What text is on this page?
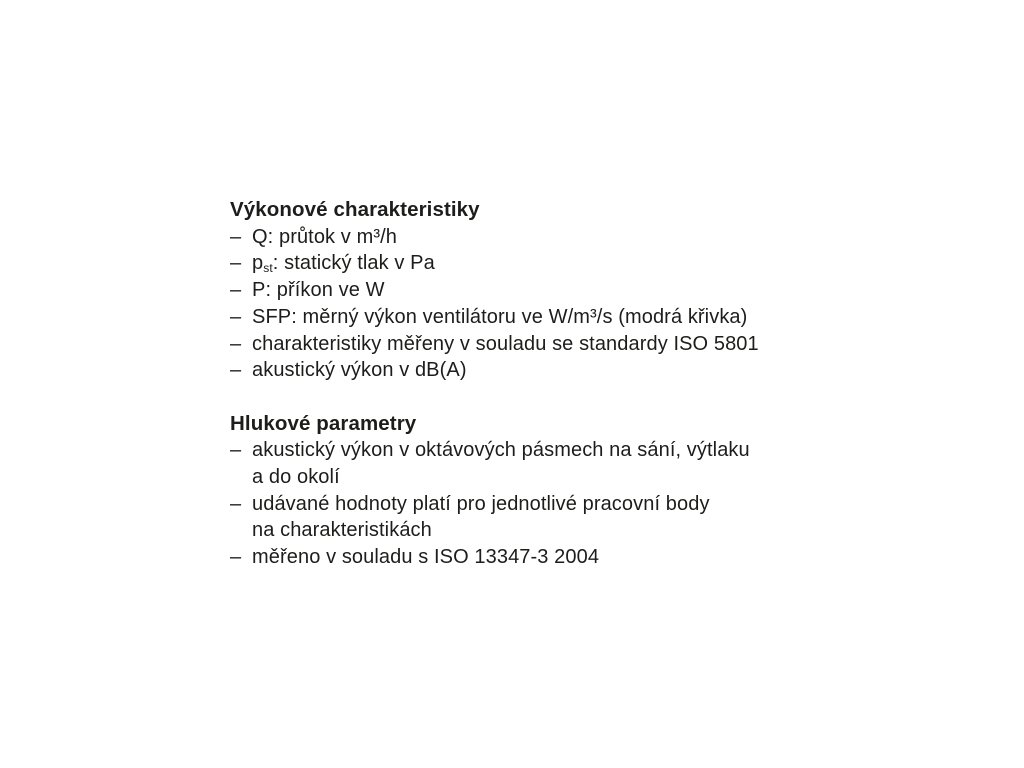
Výkonové charakteristiky
– Q: průtok v m³/h
– $p_{st}$: statický tlak v Pa
– P: příkon ve W
– SFP: měrný výkon ventilátoru ve W/m³/s (modrá křivka)
– charakteristiky měřeny v souladu se standardy ISO 5801
– akustický výkon v dB(A)
Hlukové parametry
– akustický výkon v oktávových pásmech na sání, výtlaku
a do okolí
– udávané hodnoty platí pro jednotlivé pracovní body
na charakteristikách
– měřeno v souladu s ISO 13347-3 2004
